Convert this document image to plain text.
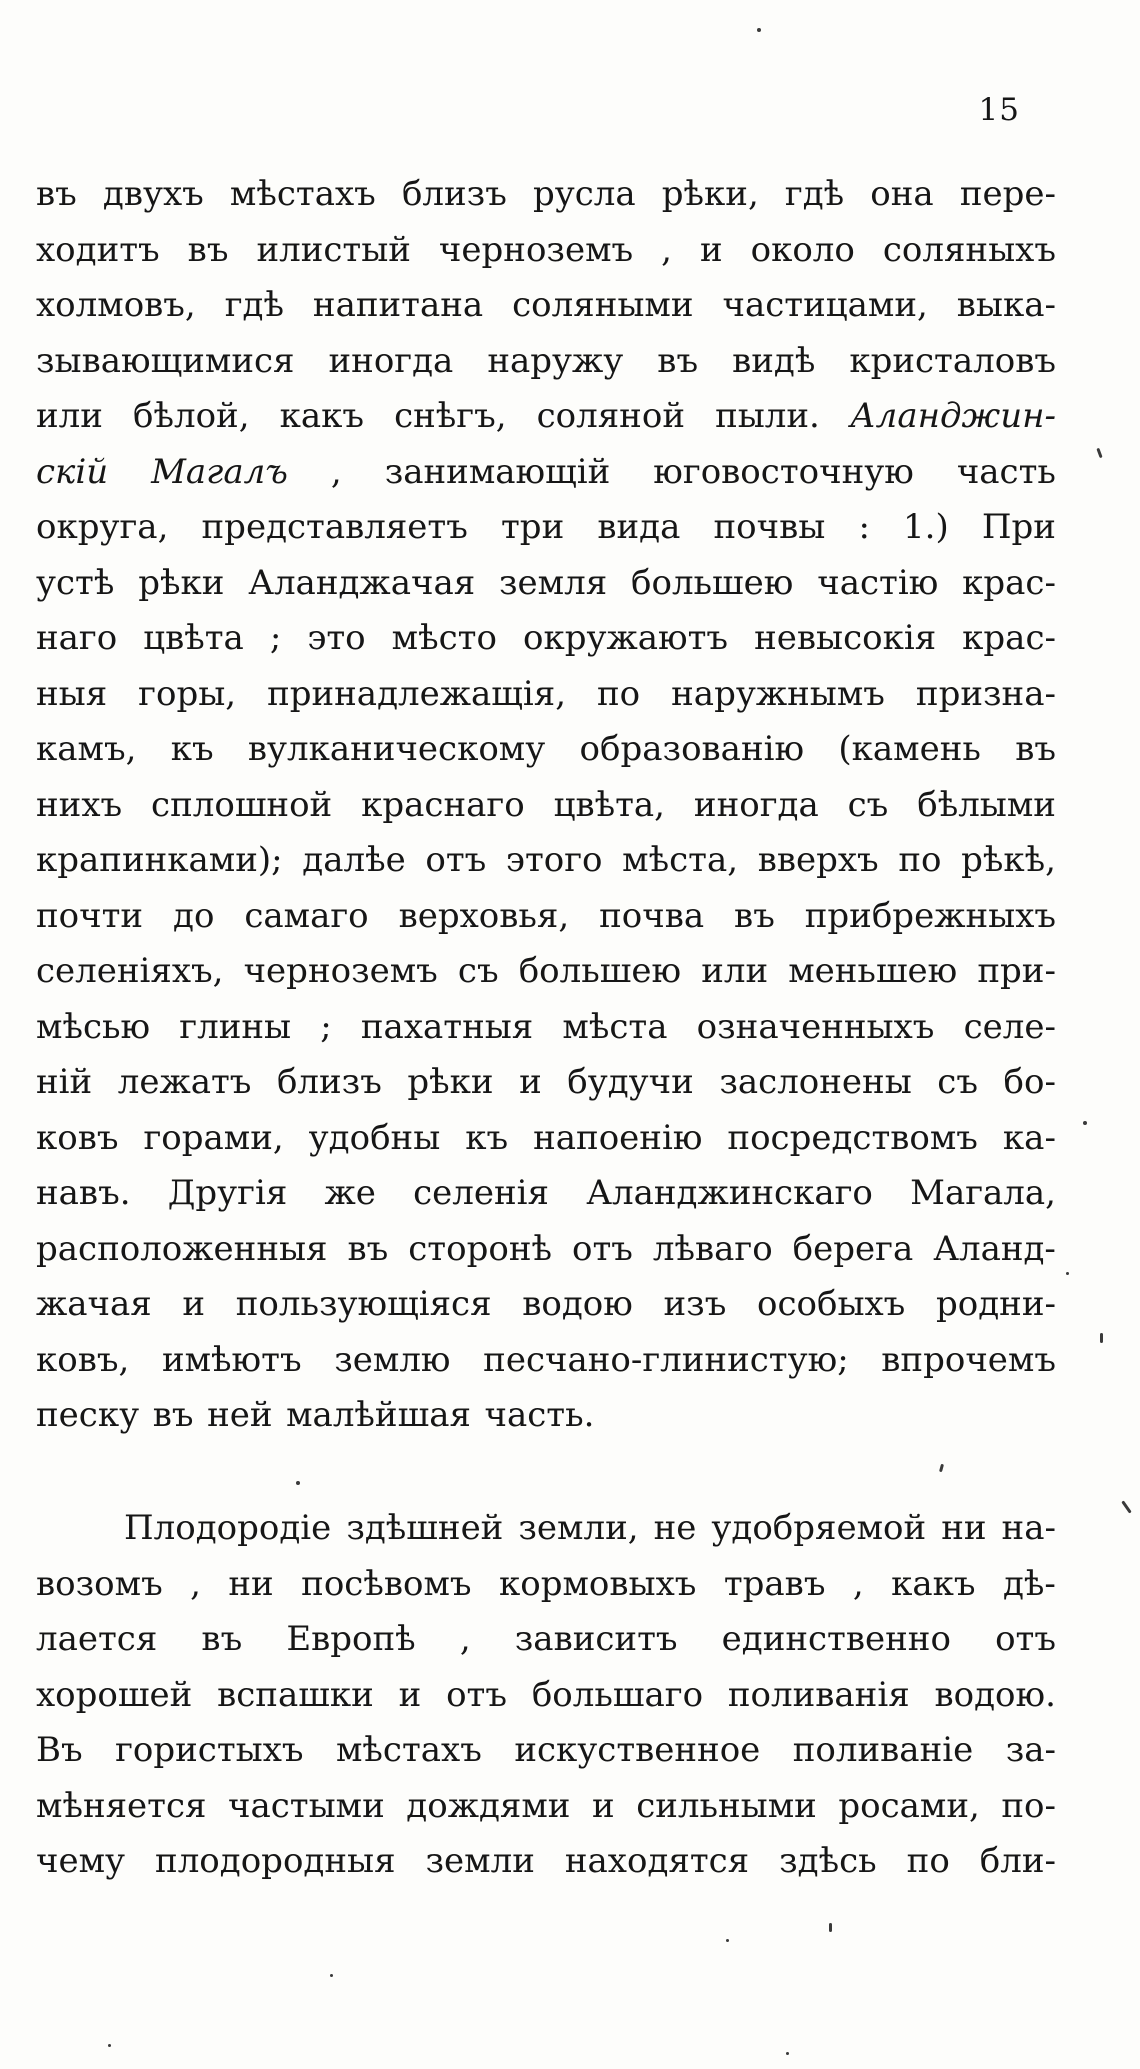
15
въ двухъ мѣстахъ близъ русла рѣки, гдѣ она пере-
ходитъ въ илистый черноземъ , и около соляныхъ
холмовъ, гдѣ напитана соляными частицами, выка-
зывающимися иногда наружу въ видѣ кристаловъ
или бѣлой, какъ снѣгъ, соляной пыли. Аланджин-
скій Магалъ , занимающій юговосточную часть
округа, представляетъ три вида почвы : 1.) При
устѣ рѣки Аланджачая земля большею частію крас-
наго цвѣта ; это мѣсто окружаютъ невысокія крас-
ныя горы, принадлежащія, по наружнымъ призна-
камъ, къ вулканическому образованію (камень въ
нихъ сплошной краснаго цвѣта, иногда съ бѣлыми
крапинками); далѣе отъ этого мѣста, вверхъ по рѣкѣ,
почти до самаго верховья, почва въ прибрежныхъ
селеніяхъ, черноземъ съ большею или меньшею при-
мѣсью глины ; пахатныя мѣста означенныхъ селе-
ній лежатъ близъ рѣки и будучи заслонены съ бо-
ковъ горами, удобны къ напоенію посредствомъ ка-
навъ. Другія же селенія Аланджинскаго Магала,
расположенныя въ сторонѣ отъ лѣваго берега Аланд-
жачая и пользующіяся водою изъ особыхъ родни-
ковъ, имѣютъ землю песчано-глинистую; впрочемъ
песку въ ней малѣйшая часть.
Плодородіе здѣшней земли, не удобряемой ни на-
возомъ , ни посѣвомъ кормовыхъ травъ , какъ дѣ-
лается въ Европѣ , зависитъ единственно отъ
хорошей вспашки и отъ большаго поливанія водою.
Въ гористыхъ мѣстахъ искуственное поливаніе за-
мѣняется частыми дождями и сильными росами, по-
чему плодородныя земли находятся здѣсь по бли-
